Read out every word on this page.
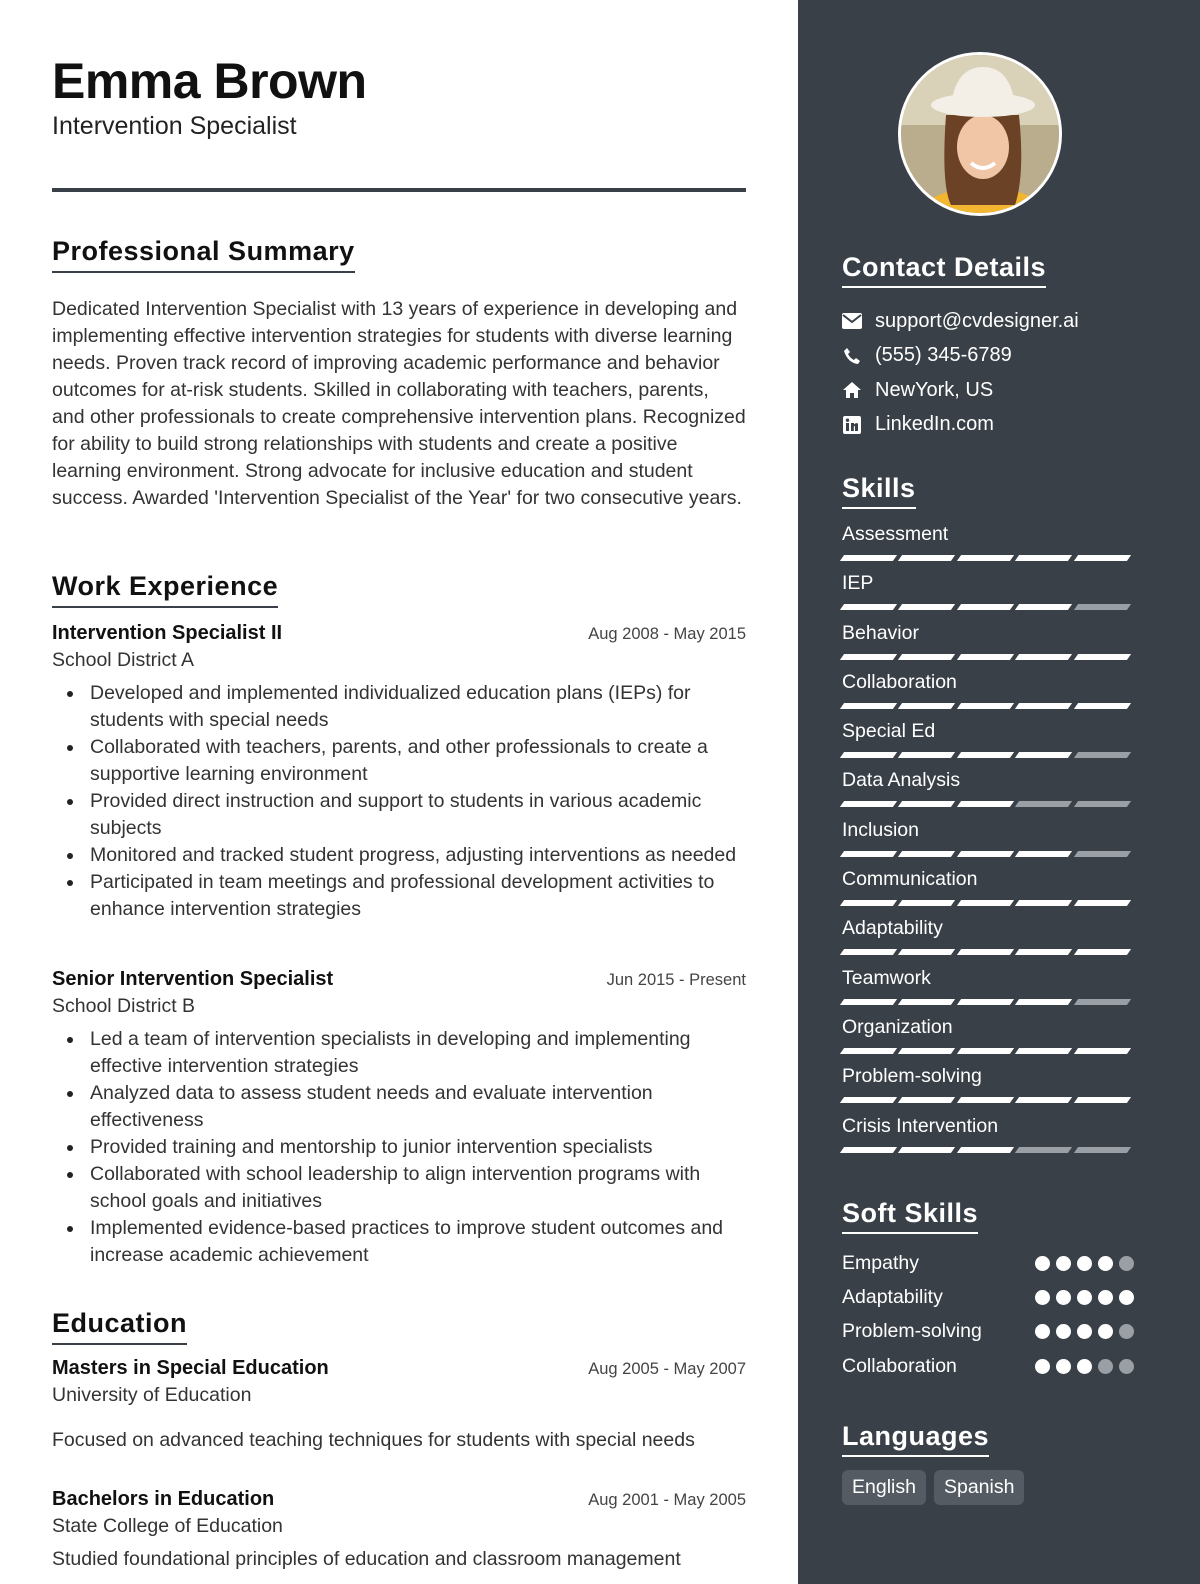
Emma Brown
Intervention Specialist
Professional Summary
Dedicated Intervention Specialist with 13 years of experience in developing and implementing effective intervention strategies for students with diverse learning needs. Proven track record of improving academic performance and behavior outcomes for at-risk students. Skilled in collaborating with teachers, parents, and other professionals to create comprehensive intervention plans. Recognized for ability to build strong relationships with students and create a positive learning environment. Strong advocate for inclusive education and student success. Awarded 'Intervention Specialist of the Year' for two consecutive years.
Work Experience
Intervention Specialist II	Aug 2008 - May 2015
School District A
Developed and implemented individualized education plans (IEPs) for students with special needs
Collaborated with teachers, parents, and other professionals to create a supportive learning environment
Provided direct instruction and support to students in various academic subjects
Monitored and tracked student progress, adjusting interventions as needed
Participated in team meetings and professional development activities to enhance intervention strategies
Senior Intervention Specialist	Jun 2015 - Present
School District B
Led a team of intervention specialists in developing and implementing effective intervention strategies
Analyzed data to assess student needs and evaluate intervention effectiveness
Provided training and mentorship to junior intervention specialists
Collaborated with school leadership to align intervention programs with school goals and initiatives
Implemented evidence-based practices to improve student outcomes and increase academic achievement
Education
Masters in Special Education	Aug 2005 - May 2007
University of Education
Focused on advanced teaching techniques for students with special needs
Bachelors in Education	Aug 2001 - May 2005
State College of Education
Studied foundational principles of education and classroom management
Contact Details
support@cvdesigner.ai
(555) 345-6789
NewYork, US
LinkedIn.com
Skills
Assessment
IEP
Behavior
Collaboration
Special Ed
Data Analysis
Inclusion
Communication
Adaptability
Teamwork
Organization
Problem-solving
Crisis Intervention
Soft Skills
Empathy
Adaptability
Problem-solving
Collaboration
Languages
English	Spanish
